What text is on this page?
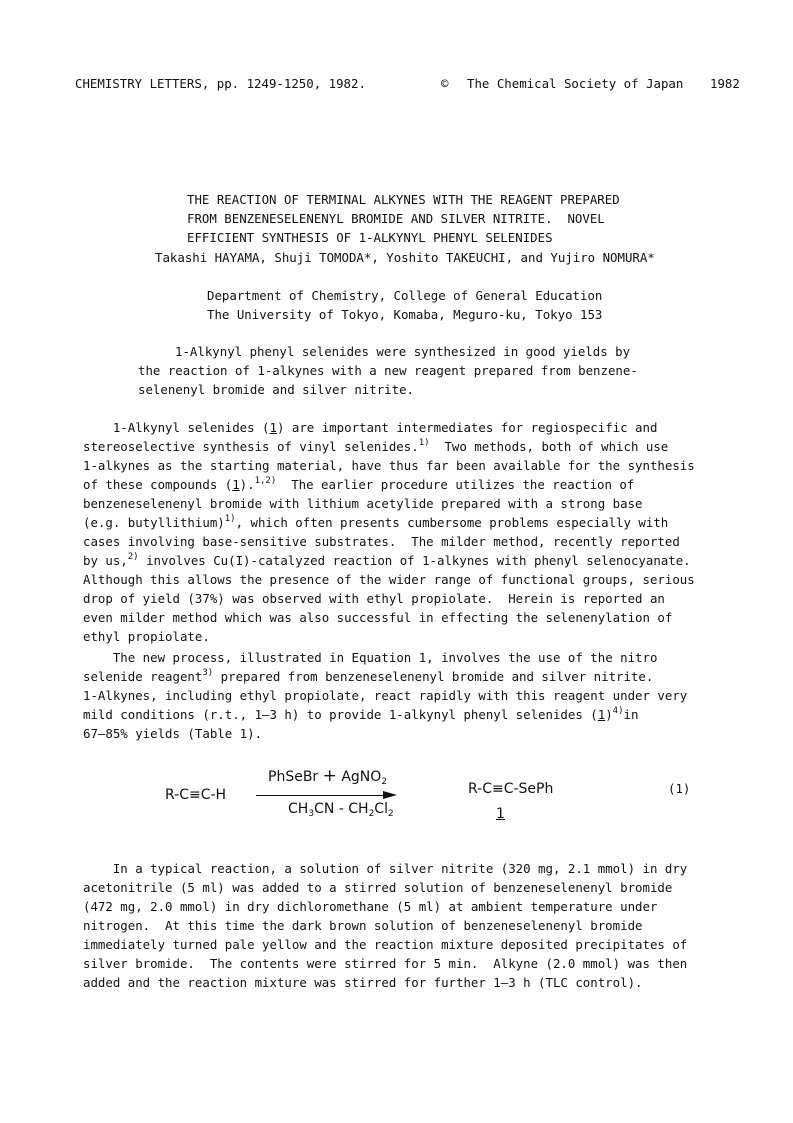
CHEMISTRY LETTERS, pp. 1249-1250, 1982.	© The Chemical Society of Japan 1982

THE REACTION OF TERMINAL ALKYNES WITH THE REAGENT PREPARED
FROM BENZENESELENENYL BROMIDE AND SILVER NITRITE.  NOVEL
EFFICIENT SYNTHESIS OF 1-ALKYNYL PHENYL SELENIDES
Takashi HAYAMA, Shuji TOMODA*, Yoshito TAKEUCHI, and Yujiro NOMURA*

Department of Chemistry, College of General Education
The University of Tokyo, Komaba, Meguro-ku, Tokyo 153
1-Alkynyl phenyl selenides were synthesized in good yields by
the reaction of 1-alkynes with a new reagent prepared from benzene-
selenenyl bromide and silver nitrite.
1-Alkynyl selenides (1) are important intermediates for regiospecific and
stereoselective synthesis of vinyl selenides.$^{1)}$  Two methods, both of which use
1-alkynes as the starting material, have thus far been available for the synthesis
of these compounds (1).$^{1,2)}$  The earlier procedure utilizes the reaction of
benzeneselenenyl bromide with lithium acetylide prepared with a strong base
(e.g. butyllithium)$^{1)}$, which often presents cumbersome problems especially with
cases involving base-sensitive substrates.  The milder method, recently reported
by us,$^{2)}$ involves Cu(I)-catalyzed reaction of 1-alkynes with phenyl selenocyanate.
Although this allows the presence of the wider range of functional groups, serious
drop of yield (37%) was observed with ethyl propiolate.  Herein is reported an
even milder method which was also successful in effecting the selenenylation of
ethyl propiolate.
The new process, illustrated in Equation 1, involves the use of the nitro
selenide reagent$^{3)}$ prepared from benzeneselenenyl bromide and silver nitrite.
1-Alkynes, including ethyl propiolate, react rapidly with this reagent under very
mild conditions (r.t., 1–3 h) to provide 1-alkynyl phenyl selenides $(1)^{4)}in$
67–85% yields (Table 1).
R-C≡C-H
PhSeBr + AgNO$_2$
$CH_3CN - CH_2Cl_2$
R-C≡C-SePh
1
(1)
In a typical reaction, a solution of silver nitrite (320 mg, 2.1 mmol) in dry
acetonitrile (5 ml) was added to a stirred solution of benzeneselenenyl bromide
(472 mg, 2.0 mmol) in dry dichloromethane (5 ml) at ambient temperature under
nitrogen.  At this time the dark brown solution of benzeneselenenyl bromide
immediately turned pale yellow and the reaction mixture deposited precipitates of
silver bromide.  The contents were stirred for 5 min.  Alkyne (2.0 mmol) was then
added and the reaction mixture was stirred for further 1–3 h (TLC control).
